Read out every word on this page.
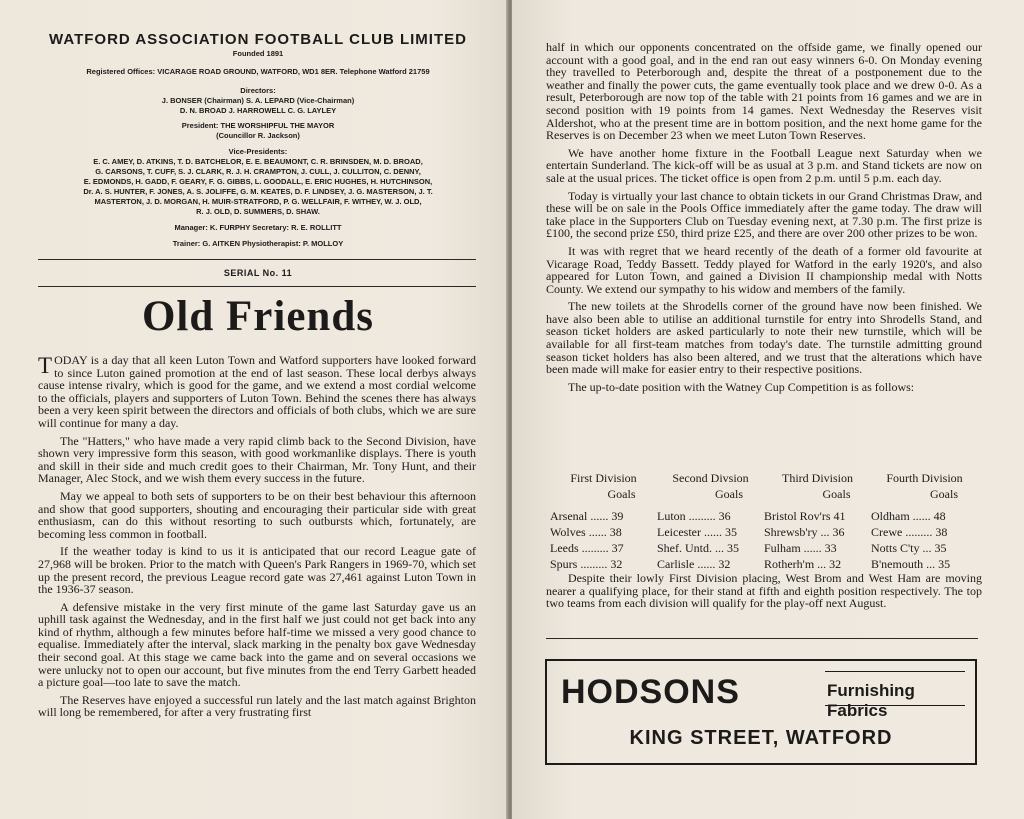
WATFORD ASSOCIATION FOOTBALL CLUB LIMITED
Founded 1891
Registered Offices: VICARAGE ROAD GROUND, WATFORD, WD1 8ER. Telephone Watford 21759
Directors:
J. BONSER (Chairman) S. A. LEPARD (Vice-Chairman)
D. N. BROAD J. HARROWELL C. G. LAYLEY
President: THE WORSHIPFUL THE MAYOR
(Councillor R. Jackson)
Vice-Presidents:
E. C. AMEY, D. ATKINS, T. D. BATCHELOR, E. E. BEAUMONT, C. R. BRINSDEN, M. D. BROAD,
G. CARSONS, T. CUFF, S. J. CLARK, R. J. H. CRAMPTON, J. CULL, J. CULLITON, C. DENNY,
E. EDMONDS, H. GADD, F. GEARY, F. G. GIBBS, L. GOODALL, E. ERIC HUGHES, H. HUTCHINSON,
Dr. A. S. HUNTER, F. JONES, A. S. JOLIFFE, G. M. KEATES, D. F. LINDSEY, J. G. MASTERSON, J. T.
MASTERTON, J. D. MORGAN, H. MUIR-STRATFORD, P. G. WELLFAIR, F. WITHEY, W. J. OLD,
R. J. OLD, D. SUMMERS, D. SHAW.
Manager: K. FURPHY Secretary: R. E. ROLLITT
Trainer: G. AITKEN Physiotherapist: P. MOLLOY
SERIAL No. 11
Old Friends

TODAY is a day that all keen Luton Town and Watford supporters have looked forward to since Luton gained promotion at the end of last season. These local derbys always cause intense rivalry, which is good for the game, and we extend a most cordial welcome to the officials, players and supporters of Luton Town. Behind the scenes there has always been a very keen spirit between the directors and officials of both clubs, which we are sure will continue for many a day.

The "Hatters," who have made a very rapid climb back to the Second Division, have shown very impressive form this season, with good workmanlike displays. There is youth and skill in their side and much credit goes to their Chairman, Mr. Tony Hunt, and their Manager, Alec Stock, and we wish them every success in the future.

May we appeal to both sets of supporters to be on their best behaviour this afternoon and show that good supporters, shouting and encouraging their particular side with great enthusiasm, can do this without resorting to such outbursts which, fortunately, are becoming less common in football.

If the weather today is kind to us it is anticipated that our record League gate of 27,968 will be broken. Prior to the match with Queen's Park Rangers in 1969-70, which set up the present record, the previous League record gate was 27,461 against Luton Town in the 1936-37 season.

A defensive mistake in the very first minute of the game last Saturday gave us an uphill task against the Wednesday, and in the first half we just could not get back into any kind of rhythm, although a few minutes before half-time we missed a very good chance to equalise. Immediately after the interval, slack marking in the penalty box gave Wednesday their second goal. At this stage we came back into the game and on several occasions we were unlucky not to open our account, but five minutes from the end Terry Garbett headed a picture goal—too late to save the match.

The Reserves have enjoyed a successful run lately and the last match against Brighton will long be remembered, for after a very frustrating first

half in which our opponents concentrated on the offside game, we finally opened our account with a good goal, and in the end ran out easy winners 6-0. On Monday evening they travelled to Peterborough and, despite the threat of a postponement due to the weather and finally the power cuts, the game eventually took place and we drew 0-0. As a result, Peterborough are now top of the table with 21 points from 16 games and we are in second position with 19 points from 14 games. Next Wednesday the Reserves visit Aldershot, who at the present time are in bottom position, and the next home game for the Reserves is on December 23 when we meet Luton Town Reserves.

We have another home fixture in the Football League next Saturday when we entertain Sunderland. The kick-off will be as usual at 3 p.m. and Stand tickets are now on sale at the usual prices. The ticket office is open from 2 p.m. until 5 p.m. each day.

Today is virtually your last chance to obtain tickets in our Grand Christmas Draw, and these will be on sale in the Pools Office immediately after the game today. The draw will take place in the Supporters Club on Tuesday evening next, at 7.30 p.m. The first prize is £100, the second prize £50, third prize £25, and there are over 200 other prizes to be won.

It was with regret that we heard recently of the death of a former old favourite at Vicarage Road, Teddy Bassett. Teddy played for Watford in the early 1920's, and also appeared for Luton Town, and gained a Division II championship medal with Notts County. We extend our sympathy to his widow and members of the family.

The new toilets at the Shrodells corner of the ground have now been finished. We have also been able to utilise an additional turnstile for entry into Shrodells Stand, and season ticket holders are asked particularly to note their new turnstile, which will be available for all first-team matches from today's date. The turnstile admitting ground season ticket holders has also been altered, and we trust that the alterations which have been made will make for easier entry to their respective positions.

The up-to-date position with the Watney Cup Competition is as follows:

First Division	Second Divsion	Third Division	Fourth Division
Goals	Goals	Goals	Goals
Arsenal ...... 39	Luton ......... 36	Bristol Rov'rs 41	Oldham ...... 48
Wolves ...... 38	Leicester ...... 35	Shrewsb'ry ... 36	Crewe ......... 38
Leeds ......... 37	Shef. Untd. ... 35	Fulham ...... 33	Notts C'ty ... 35
Spurs ......... 32	Carlisle ...... 32	Rotherh'm ... 32	B'nemouth ... 35

Despite their lowly First Division placing, West Brom and West Ham are moving nearer a qualifying place, for their stand at fifth and eighth position respectively. The top two teams from each division will qualify for the play-off next August.

HODSONS	Furnishing Fabrics
KING STREET, WATFORD
